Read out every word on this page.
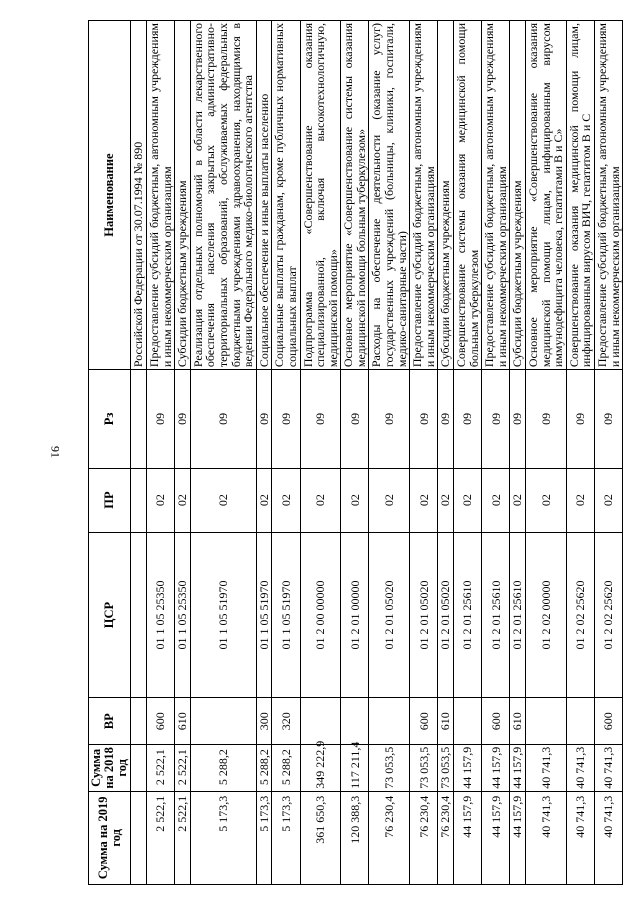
91
Сумма на 2019 год	Сумма на 2018 год	ВР	ЦСР	ПР	Рз	Наименование
						Российской Федерации от 30.07.1994 № 890
2 522,1	2 522,1	600	01 1 05 25350	02	09	Предоставление субсидий бюджетным, автономным учреждениям и иным некоммерческим организациям
2 522,1	2 522,1	610	01 1 05 25350	02	09	Субсидии бюджетным учреждениям
5 173,3	5 288,2		01 1 05 51970	02	09	Реализация отдельных полномочий в области лекарственного обеспечения населения закрытых административно-территориальных образований, обслуживаемых федеральных бюджетными учреждениями здравоохранения, находящимися в ведении Федерального медико-биологического агентства
5 173,3	5 288,2	300	01 1 05 51970	02	09	Социальное обеспечение и иные выплаты населению
5 173,3	5 288,2	320	01 1 05 51970	02	09	Социальные выплаты гражданам, кроме публичных нормативных социальных выплат
361 650,3	349 222,9		01 2 00 00000	02	09	Подпрограмма «Совершенствование оказания специализированной, включая высокотехнологичную, медицинской помощи»
120 388,3	117 211,4		01 2 01 00000	02	09	Основное мероприятие «Совершенствование системы оказания медицинской помощи больным туберкулезом»
76 230,4	73 053,5		01 2 01 05020	02	09	Расходы на обеспечение деятельности (оказание услуг) государственных учреждений (больницы, клиники, госпитали, медико-санитарные части)
76 230,4	73 053,5	600	01 2 01 05020	02	09	Предоставление субсидий бюджетным, автономным учреждениям и иным некоммерческим организациям
76 230,4	73 053,5	610	01 2 01 05020	02	09	Субсидии бюджетным учреждениям
44 157,9	44 157,9		01 2 01 25610	02	09	Совершенствование системы оказания медицинской помощи больным туберкулезом
44 157,9	44 157,9	600	01 2 01 25610	02	09	Предоставление субсидий бюджетным, автономным учреждениям и иным некоммерческим организациям
44 157,9	44 157,9	610	01 2 01 25610	02	09	Субсидии бюджетным учреждениям
40 741,3	40 741,3		01 2 02 00000	02	09	Основное мероприятие «Совершенствование оказания медицинской помощи лицам, инфицированным вирусом иммунодефицита человека, гепатитами В и С»
40 741,3	40 741,3		01 2 02 25620	02	09	Совершенствование оказания медицинской помощи лицам, инфицированным вирусом ВИЧ, гепатитом В и С
40 741,3	40 741,3	600	01 2 02 25620	02	09	Предоставление субсидий бюджетным, автономным учреждениям и иным некоммерческим организациям
